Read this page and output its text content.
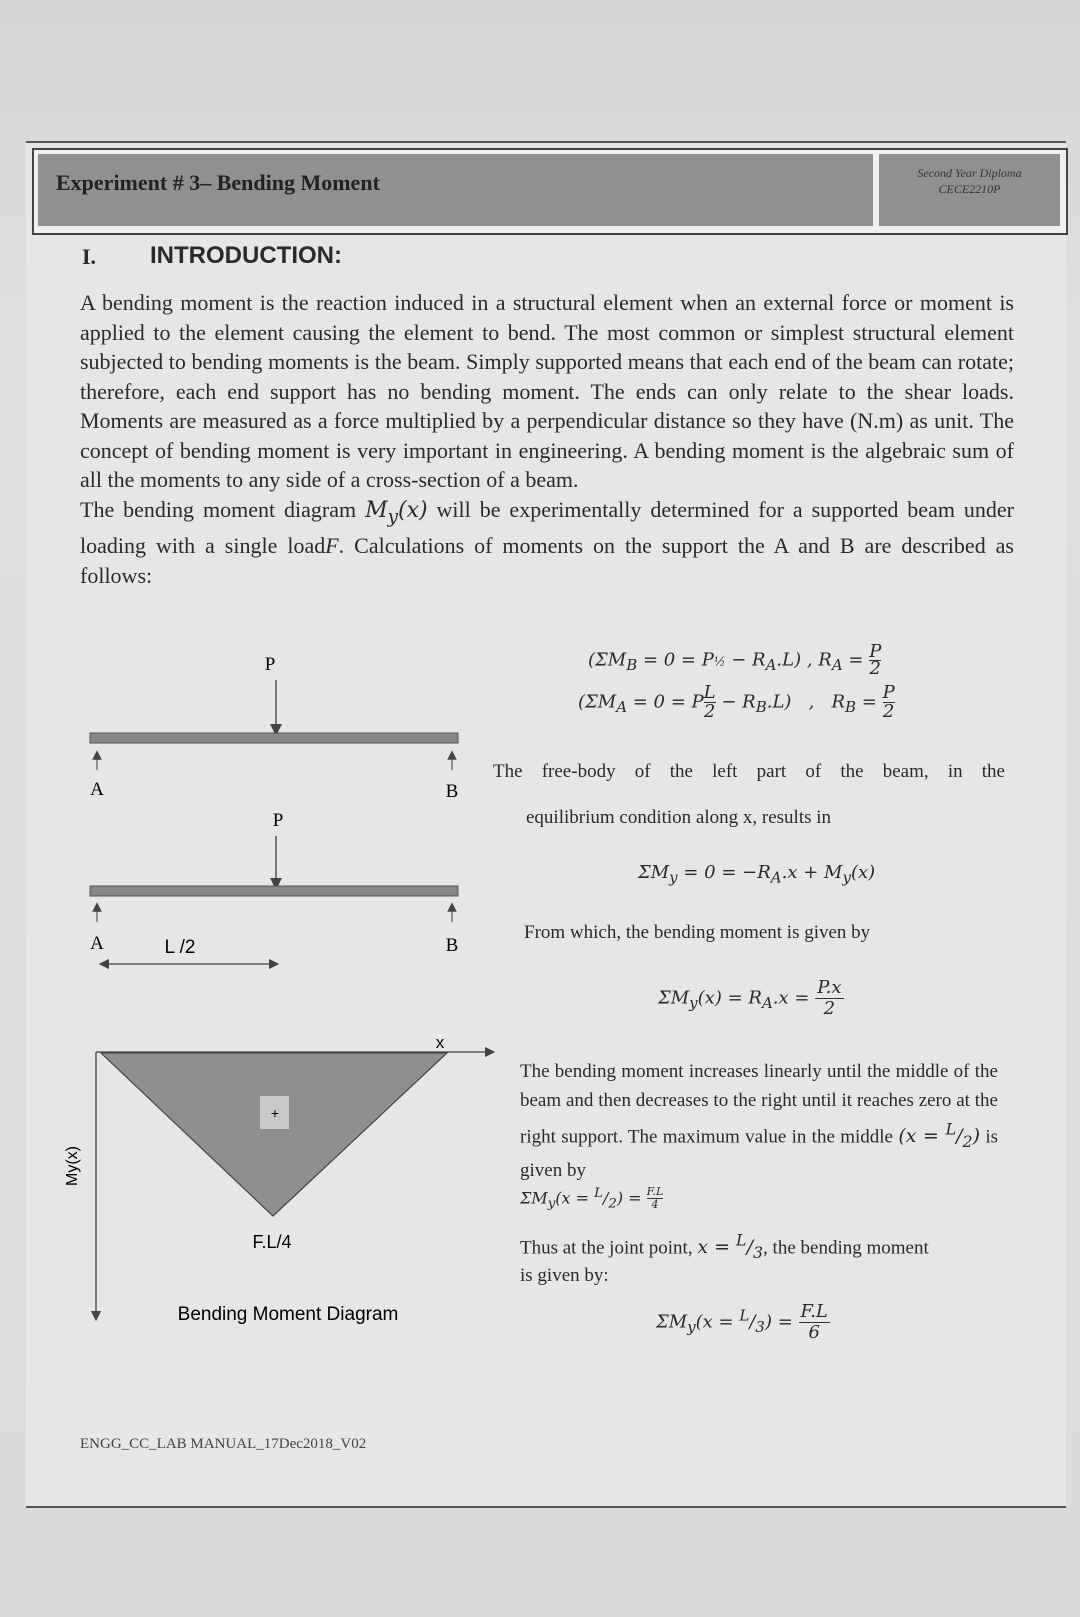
Experiment # 3– Bending Moment	Second Year Diploma
CECE2210P
I. INTRODUCTION:

A bending moment is the reaction induced in a structural element when an external force or moment is applied to the element causing the element to bend. The most common or simplest structural element subjected to bending moments is the beam. Simply supported means that each end of the beam can rotate; therefore, each end support has no bending moment. The ends can only relate to the shear loads. Moments are measured as a force multiplied by a perpendicular distance so they have (N.m) as unit. The concept of bending moment is very important in engineering. A bending moment is the algebraic sum of all the moments to any side of a cross-section of a beam.

The bending moment diagram $M_y(x)$ will be experimentally determined for a supported beam under loading with a single loadF. Calculations of moments on the support the A and B are described as follows:

P
A	B
P
A	B
L /2
x
My(x)
+
F.L/4
Bending Moment Diagram
($\Sigma M_B = 0$ = P½ − $R_A.L$) , $R_A = \frac{P}{2}$
$(\Sigma M_A = 0 = P \frac{L}{2} - R_B.L)$   ,   $R_B = \frac{P}{2}$
The free-body of the left part of the beam, in the
equilibrium condition along x, results in
$\Sigma M_y = 0 = -R_A.x + M_y(x)$
From which, the bending moment is given by
$\Sigma M_y(x) = R_A.x = \frac{P.x}{2}$
The bending moment increases linearly until the middle of the beam and then decreases to the right until it reaches zero at the right support. The maximum value in the middle $(x = ^L/_2)$ is given by
$\Sigma M_y(x = ^L/_2) = \frac{F.L}{4}$
Thus at the joint point, $x = ^L/_3$, the bending moment
is given by:
$\Sigma M_y(x = ^L/_3) = \frac{F.L}{6}$
ENGG_CC_LAB MANUAL_17Dec2018_V02
